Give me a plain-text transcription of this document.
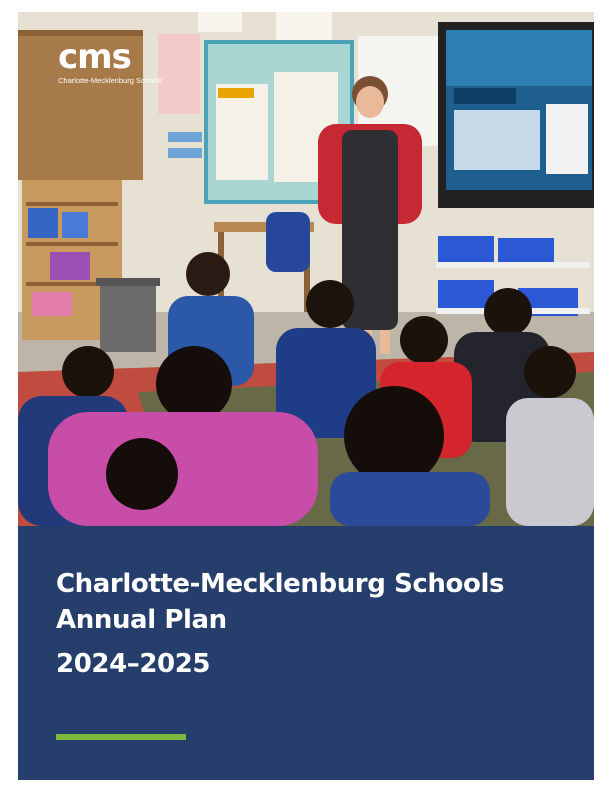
cms
Charlotte-Mecklenburg Schools
Charlotte-Mecklenburg Schools
Annual Plan
2024–2025
